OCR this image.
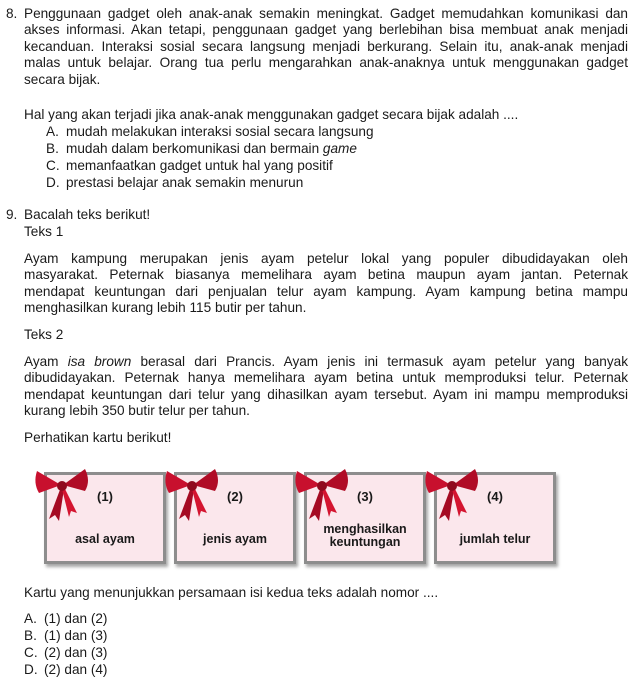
8. Penggunaan gadget oleh anak-anak semakin meningkat. Gadget memudahkan komunikasi dan
akses informasi. Akan tetapi, penggunaan gadget yang berlebihan bisa membuat anak menjadi
kecanduan. Interaksi sosial secara langsung menjadi berkurang. Selain itu, anak-anak menjadi
malas untuk belajar. Orang tua perlu mengarahkan anak-anaknya untuk menggunakan gadget
secara bijak.
Hal yang akan terjadi jika anak-anak menggunakan gadget secara bijak adalah ....
A. mudah melakukan interaksi sosial secara langsung
B. mudah dalam berkomunikasi dan bermain game
C. memanfaatkan gadget untuk hal yang positif
D. prestasi belajar anak semakin menurun
9. Bacalah teks berikut!
Teks 1
Ayam kampung merupakan jenis ayam petelur lokal yang populer dibudidayakan oleh
masyarakat. Peternak biasanya memelihara ayam betina maupun ayam jantan. Peternak
mendapat keuntungan dari penjualan telur ayam kampung. Ayam kampung betina mampu
menghasilkan kurang lebih 115 butir per tahun.
Teks 2
Ayam isa brown berasal dari Prancis. Ayam jenis ini termasuk ayam petelur yang banyak
dibudidayakan. Peternak hanya memelihara ayam betina untuk memproduksi telur. Peternak
mendapat keuntungan dari telur yang dihasilkan ayam tersebut. Ayam ini mampu memproduksi
kurang lebih 350 butir telur per tahun.
Perhatikan kartu berikut!
(1)
asal ayam
(2)
jenis ayam
(3)
menghasilkan keuntungan
(4)
jumlah telur
Kartu yang menunjukkan persamaan isi kedua teks adalah nomor ....
A. (1) dan (2)
B. (1) dan (3)
C. (2) dan (3)
D. (2) dan (4)
